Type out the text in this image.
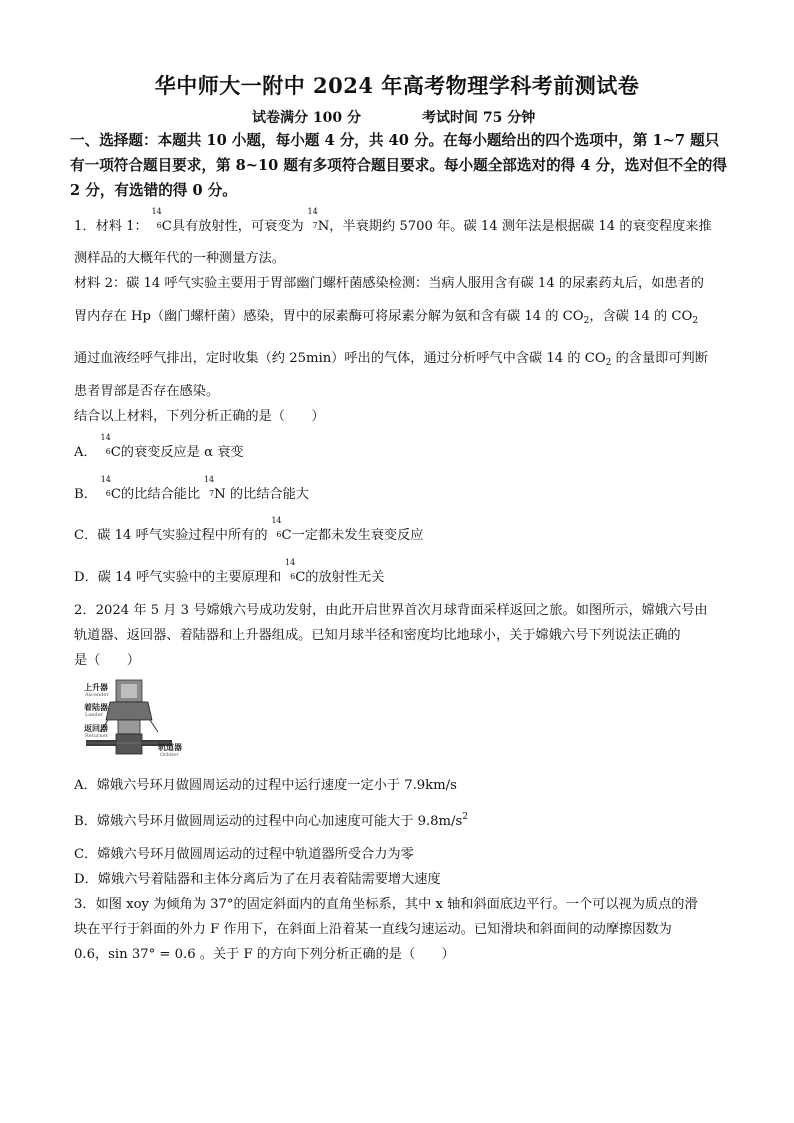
华中师大一附中 2024 年高考物理学科考前测试卷
试卷满分 100 分	考试时间 75 分钟
一、选择题：本题共 10 小题，每小题 4 分，共 40 分。在每小题给出的四个选项中，第 1~7 题只有一项符合题目要求，第 8~10 题有多项符合题目要求。每小题全部选对的得 4 分，选对但不全的得 2 分，有选错的得 0 分。
1．材料 1：
14
6 C具有放射性，可衰变为
14
7 N，半衰期约 5700 年。碳 14 测年法是根据碳 14 的衰变程度来推
测样品的大概年代的一种测量方法。
材料 2：碳 14 呼气实验主要用于胃部幽门螺杆菌感染检测：当病人服用含有碳 14 的尿素药丸后，如患者的
胃内存在 Hp（幽门螺杆菌）感染，胃中的尿素酶可将尿素分解为氨和含有碳 14 的 $CO_2$，含碳 14 的 $CO_2$
通过血液经呼气排出，定时收集（约 25min）呼出的气体，通过分析呼气中含碳 14 的 $CO_2$ 的含量即可判断
患者胃部是否存在感染。
结合以上材料，下列分析正确的是（　　）
A．
14
6 C的衰变反应是 α 衰变
B．
14
6 C的比结合能比
14
7 N 的比结合能大
C．碳 14 呼气实验过程中所有的
14
6 C一定都未发生衰变反应
D．碳 14 呼气实验中的主要原理和
14
6 C的放射性无关
2．2024 年 5 月 3 号嫦娥六号成功发射，由此开启世界首次月球背面采样返回之旅。如图所示，嫦娥六号由
轨道器、返回器、着陆器和上升器组成。已知月球半径和密度均比地球小，关于嫦娥六号下列说法正确的
是（　　）
上升器
Ascender
着陆器
Lander
返回器
Returner
轨道器
Orbiter
A．嫦娥六号环月做圆周运动的过程中运行速度一定小于 7.9km/s
B．嫦娥六号环月做圆周运动的过程中向心加速度可能大于 $9.8m/s^2$
C．嫦娥六号环月做圆周运动的过程中轨道器所受合力为零
D．嫦娥六号着陆器和主体分离后为了在月表着陆需要增大速度
3．如图 xoy 为倾角为 37°的固定斜面内的直角坐标系，其中 x 轴和斜面底边平行。一个可以视为质点的滑
块在平行于斜面的外力 F 作用下，在斜面上沿着某一直线匀速运动。已知滑块和斜面间的动摩擦因数为
0.6，sin 37° = 0.6 。关于 F 的方向下列分析正确的是（　　）
